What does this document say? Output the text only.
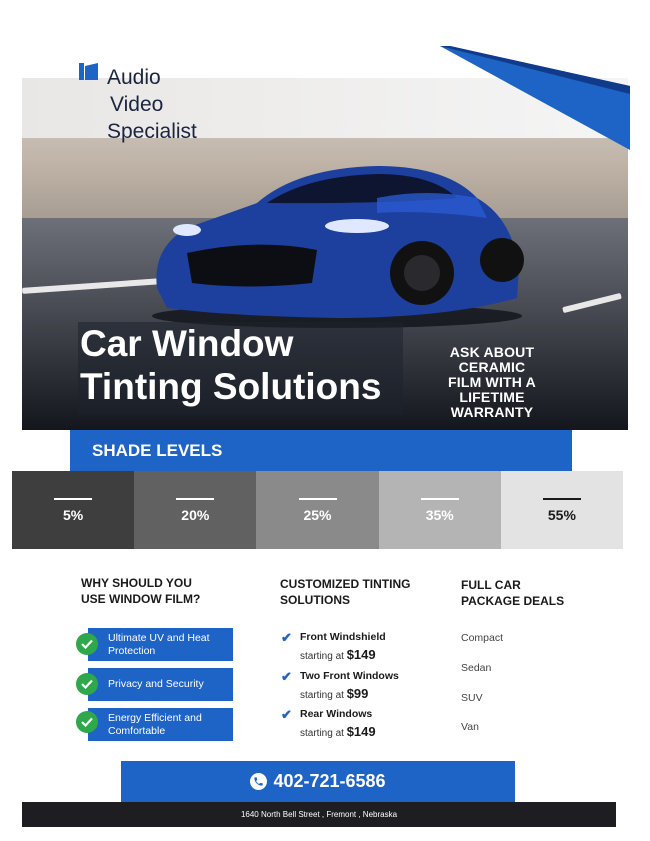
Audio
Video
Specialist
Car Window
Tinting Solutions
ASK ABOUT
CERAMIC
FILM WITH A
LIFETIME
WARRANTY
SHADE LEVELS
5%	20%	25%	35%	55%
WHY SHOULD YOU
USE WINDOW FILM?
Ultimate UV and Heat
Protection
Privacy and Security
Energy Efficient and
Comfortable
CUSTOMIZED TINTING
SOLUTIONS
✔ Front Windshield
starting at $149
✔ Two Front Windows
starting at $99
✔ Rear Windows
starting at $149
FULL CAR
PACKAGE DEALS
Compact
Sedan
SUV
Van
402-721-6586
1640 North Bell Street , Fremont , Nebraska
